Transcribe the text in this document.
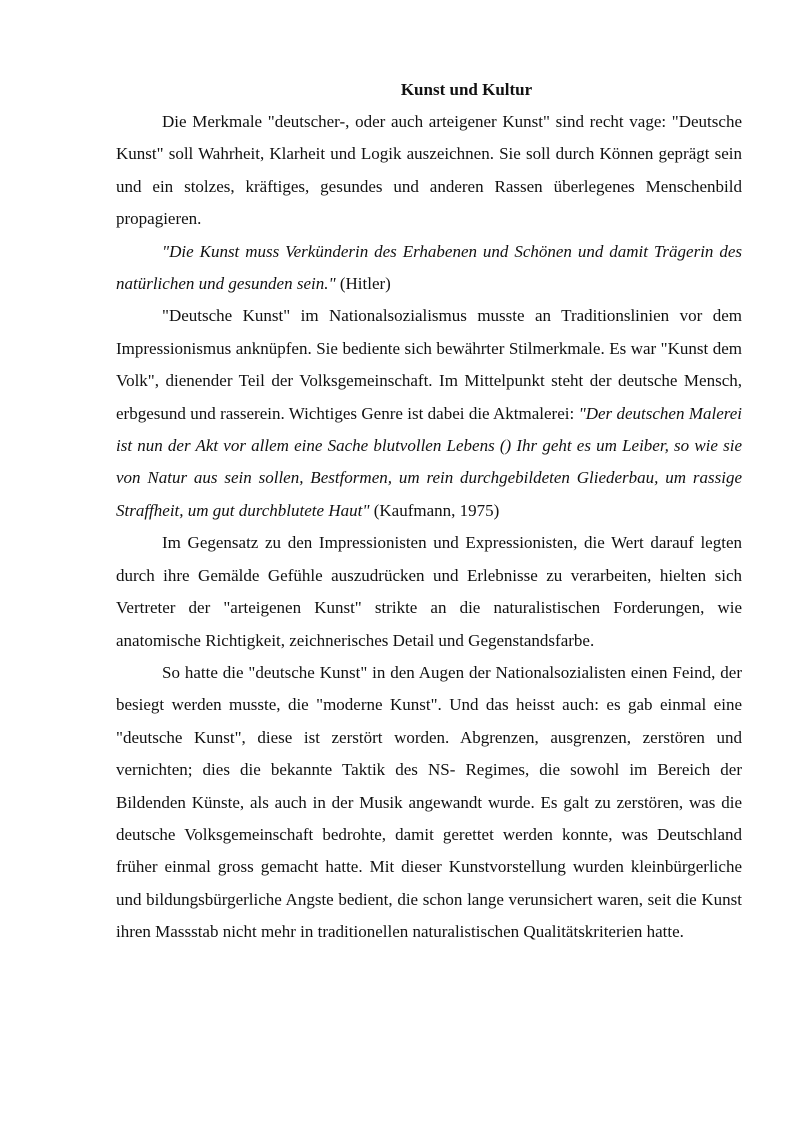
Kunst und Kultur

Die Merkmale "deutscher-, oder auch arteigener Kunst" sind recht vage: "Deutsche Kunst" soll Wahrheit, Klarheit und Logik auszeichnen. Sie soll durch Können geprägt sein und ein stolzes, kräftiges, gesundes und anderen Rassen überlegenes Menschenbild propagieren.

"Die Kunst muss Verkünderin des Erhabenen und Schönen und damit Trägerin des natürlichen und gesunden sein." (Hitler)

"Deutsche Kunst" im Nationalsozialismus musste an Traditionslinien vor dem Impressionismus anknüpfen. Sie bediente sich bewährter Stilmerkmale. Es war "Kunst dem Volk", dienender Teil der Volksgemeinschaft. Im Mittelpunkt steht der deutsche Mensch, erbgesund und rasserein. Wichtiges Genre ist dabei die Aktmalerei: "Der deutschen Malerei ist nun der Akt vor allem eine Sache blutvollen Lebens () Ihr geht es um Leiber, so wie sie von Natur aus sein sollen, Bestformen, um rein durchgebildeten Gliederbau, um rassige Straffheit, um gut durchblutete Haut" (Kaufmann, 1975)

Im Gegensatz zu den Impressionisten und Expressionisten, die Wert darauf legten durch ihre Gemälde Gefühle auszudrücken und Erlebnisse zu verarbeiten, hielten sich Vertreter der "arteigenen Kunst" strikte an die naturalistischen Forderungen, wie anatomische Richtigkeit, zeichnerisches Detail und Gegenstandsfarbe.

So hatte die "deutsche Kunst" in den Augen der Nationalsozialisten einen Feind, der besiegt werden musste, die "moderne Kunst". Und das heisst auch: es gab einmal eine "deutsche Kunst", diese ist zerstört worden. Abgrenzen, ausgrenzen, zerstören und vernichten; dies die bekannte Taktik des NS- Regimes, die sowohl im Bereich der Bildenden Künste, als auch in der Musik angewandt wurde. Es galt zu zerstören, was die deutsche Volksgemeinschaft bedrohte, damit gerettet werden konnte, was Deutschland früher einmal gross gemacht hatte. Mit dieser Kunstvorstellung wurden kleinbürgerliche und bildungsbürgerliche Angste bedient, die schon lange verunsichert waren, seit die Kunst ihren Massstab nicht mehr in traditionellen naturalistischen Qualitätskriterien hatte.
